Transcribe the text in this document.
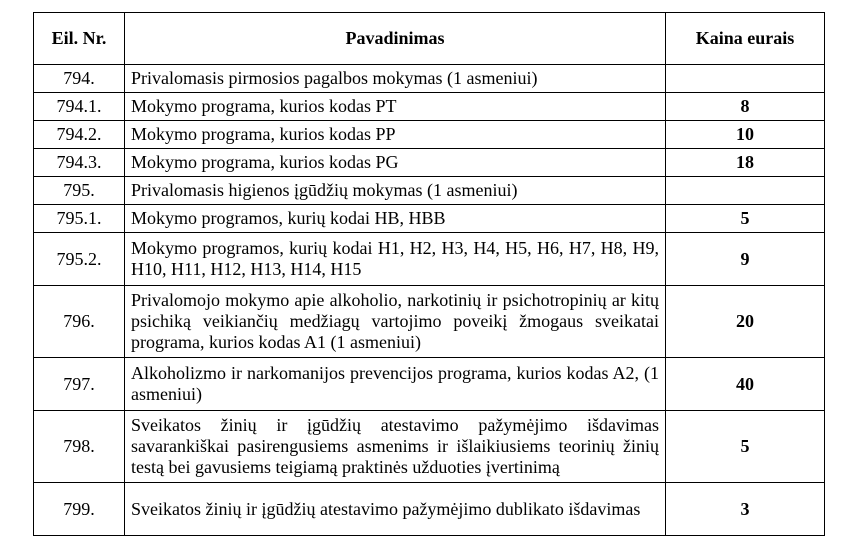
Eil. Nr.	Pavadinimas	Kaina eurais
794.	Privalomasis pirmosios pagalbos mokymas (1 asmeniui)	
794.1.	Mokymo programa, kurios kodas PT	8
794.2.	Mokymo programa, kurios kodas PP	10
794.3.	Mokymo programa, kurios kodas PG	18
795.	Privalomasis higienos įgūdžių mokymas (1 asmeniui)	
795.1.	Mokymo programos, kurių kodai HB, HBB	5
795.2.	Mokymo programos, kurių kodai H1, H2, H3, H4, H5, H6, H7, H8, H9, H10, H11, H12, H13, H14, H15	9
796.	Privalomojo mokymo apie alkoholio, narkotinių ir psichotropinių ar kitų psichiką veikiančių medžiagų vartojimo poveikį žmogaus sveikatai programa, kurios kodas A1 (1 asmeniui)	20
797.	Alkoholizmo ir narkomanijos prevencijos programa, kurios kodas A2, (1 asmeniui)	40
798.	Sveikatos žinių ir įgūdžių atestavimo pažymėjimo išdavimas savarankiškai pasirengusiems asmenims ir išlaikiusiems teorinių žinių testą bei gavusiems teigiamą praktinės užduoties įvertinimą	5
799.	Sveikatos žinių ir įgūdžių atestavimo pažymėjimo dublikato išdavimas	3
